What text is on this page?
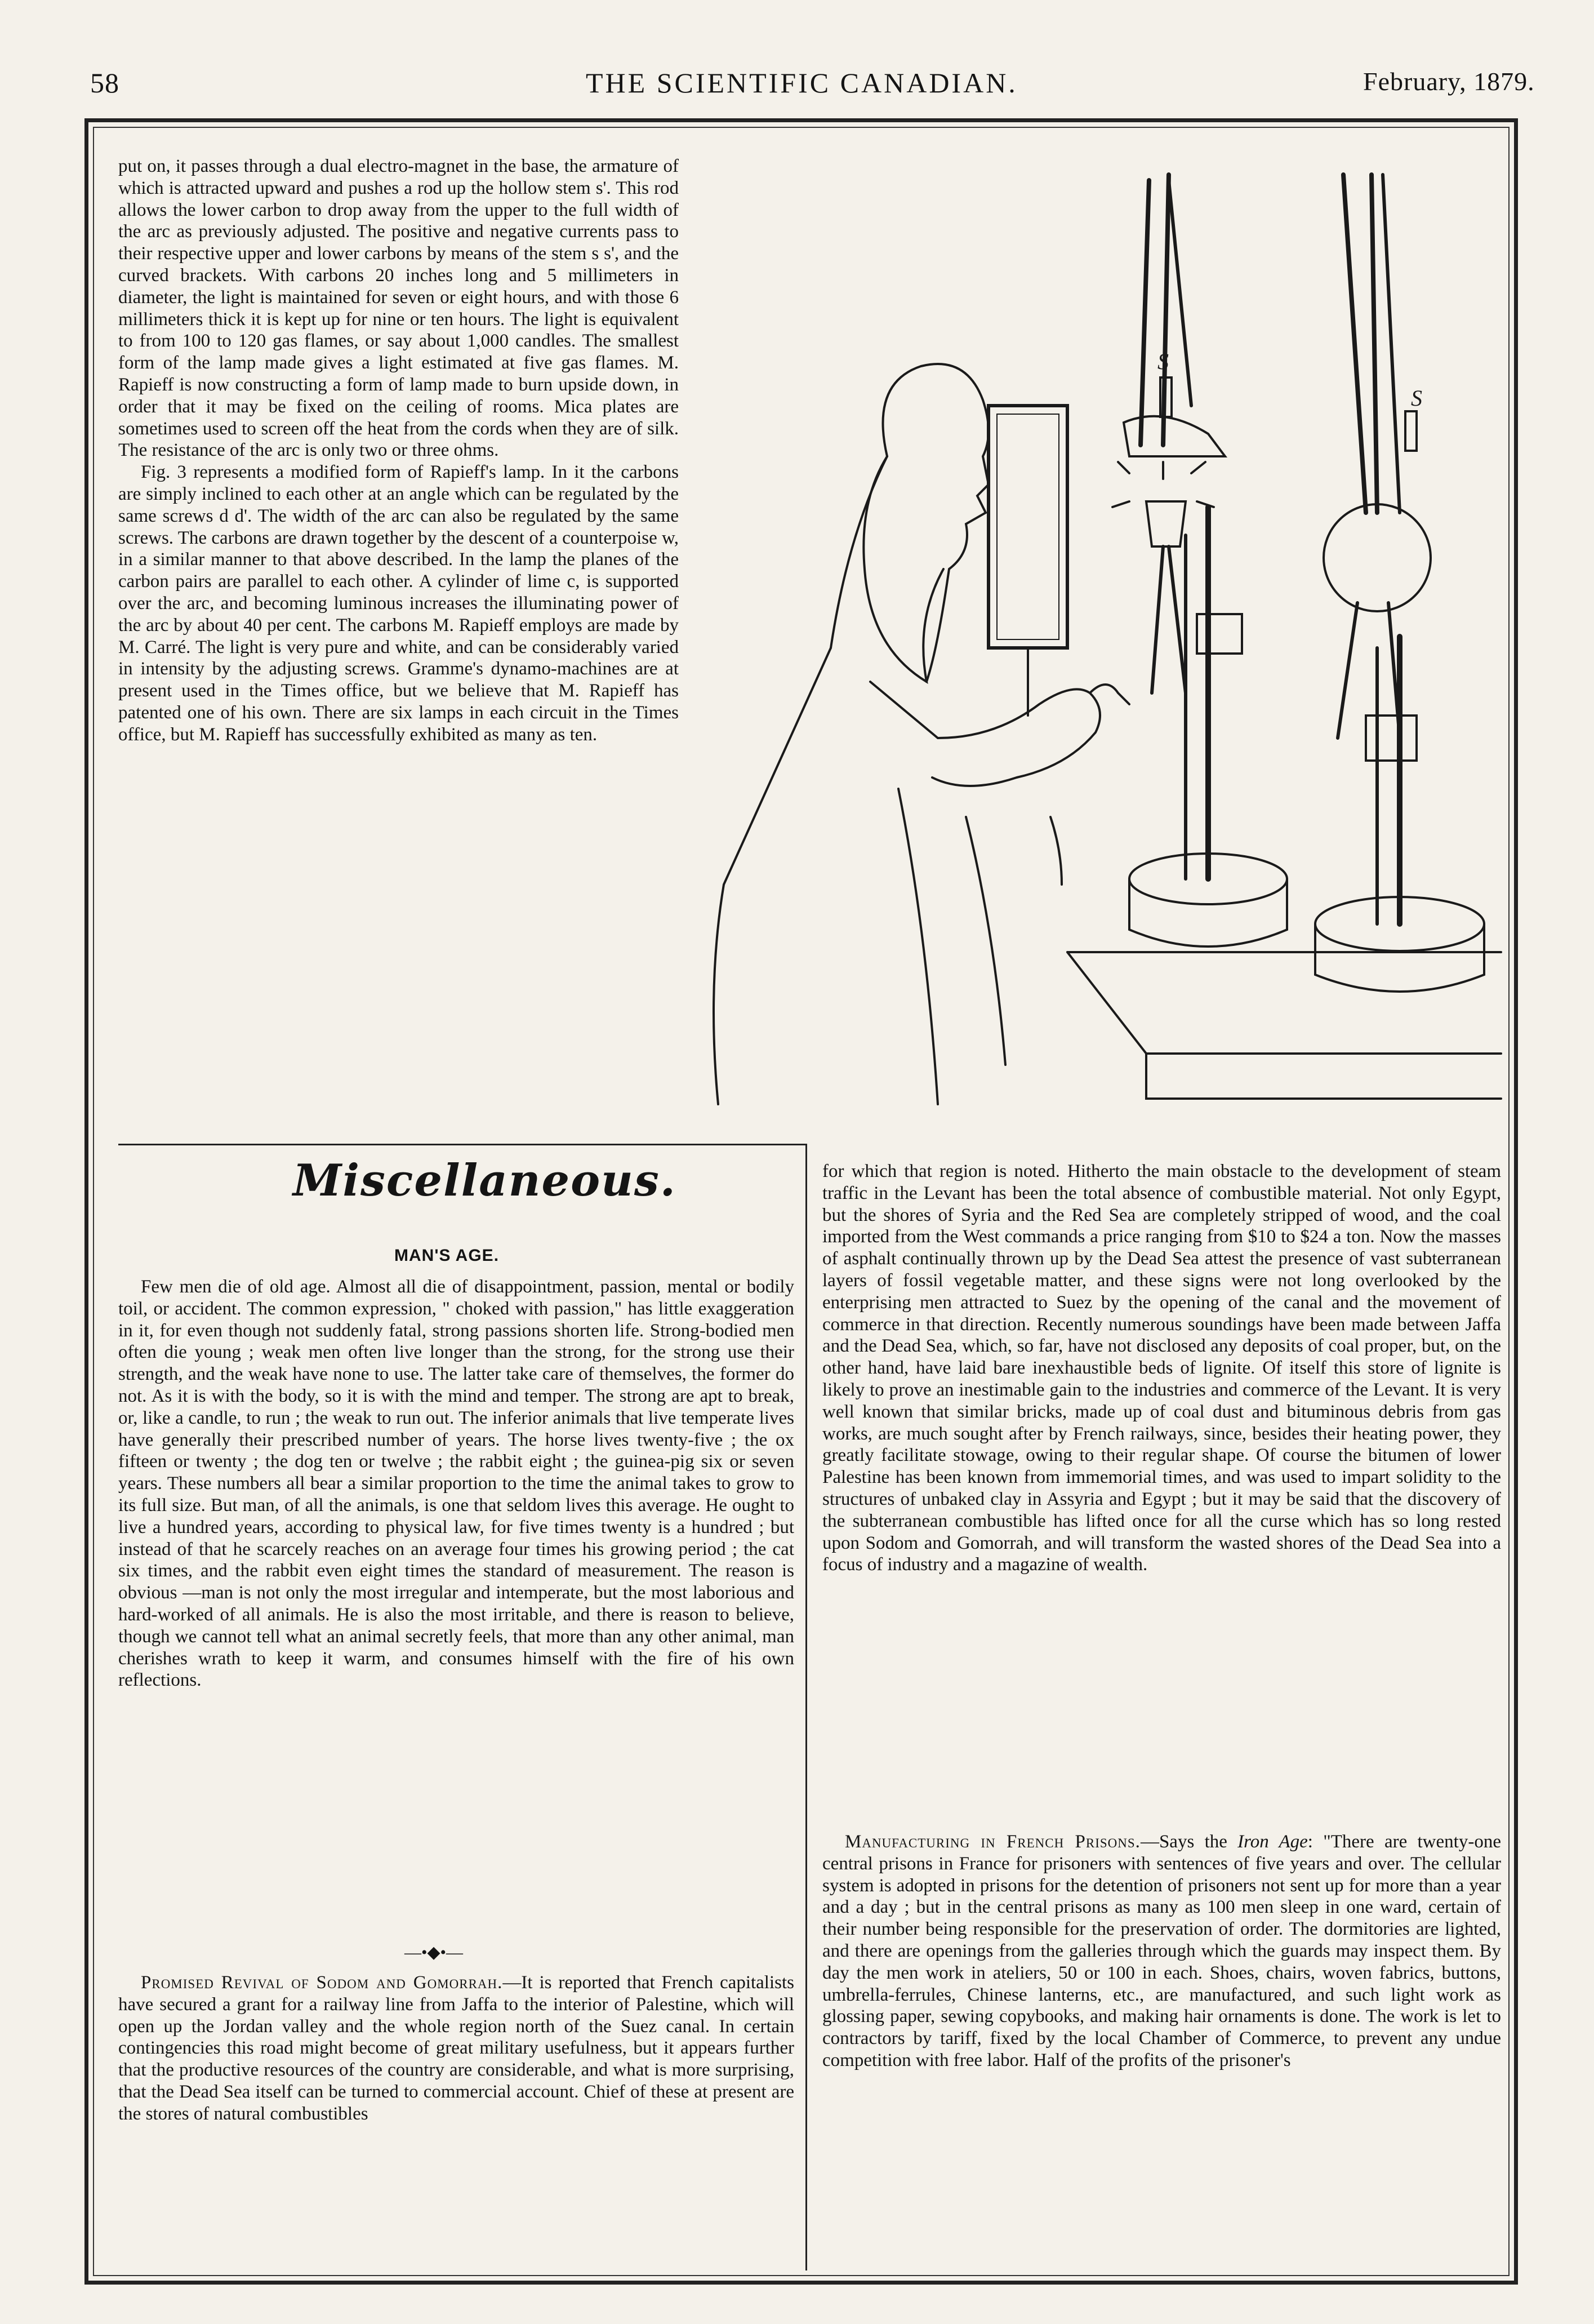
58	THE SCIENTIFIC CANADIAN.	February, 1879.

put on, it passes through a dual electro-magnet in the base, the armature of which is attracted upward and pushes a rod up the hollow stem s'. This rod allows the lower carbon to drop away from the upper to the full width of the arc as previously adjusted. The positive and negative currents pass to their respective upper and lower carbons by means of the stem s s', and the curved brackets. With carbons 20 inches long and 5 millimeters in diameter, the light is maintained for seven or eight hours, and with those 6 millimeters thick it is kept up for nine or ten hours. The light is equivalent to from 100 to 120 gas flames, or say about 1,000 candles. The smallest form of the lamp made gives a light estimated at five gas flames. M. Rapieff is now constructing a form of lamp made to burn upside down, in order that it may be fixed on the ceiling of rooms. Mica plates are sometimes used to screen off the heat from the cords when they are of silk. The resistance of the arc is only two or three ohms.

Fig. 3 represents a modified form of Rapieff's lamp. In it the carbons are simply inclined to each other at an angle which can be regulated by the same screws d d'. The width of the arc can also be regulated by the same screws. The carbons are drawn together by the descent of a counterpoise w, in a similar manner to that above described. In the lamp the planes of the carbon pairs are parallel to each other. A cylinder of lime c, is supported over the arc, and becoming luminous increases the illuminating power of the arc by about 40 per cent. The carbons M. Rapieff employs are made by M. Carré. The light is very pure and white, and can be considerably varied in intensity by the adjusting screws. Gramme's dynamo-machines are at present used in the Times office, but we believe that M. Rapieff has patented one of his own. There are six lamps in each circuit in the Times office, but M. Rapieff has successfully exhibited as many as ten.

S
S
Miscellaneous.
MAN'S AGE.

Few men die of old age. Almost all die of disappointment, passion, mental or bodily toil, or accident. The common expression, " choked with passion," has little exaggeration in it, for even though not suddenly fatal, strong passions shorten life. Strong-bodied men often die young ; weak men often live longer than the strong, for the strong use their strength, and the weak have none to use. The latter take care of themselves, the former do not. As it is with the body, so it is with the mind and temper. The strong are apt to break, or, like a candle, to run ; the weak to run out. The inferior animals that live temperate lives have generally their prescribed number of years. The horse lives twenty-five ; the ox fifteen or twenty ; the dog ten or twelve ; the rabbit eight ; the guinea-pig six or seven years. These numbers all bear a similar proportion to the time the animal takes to grow to its full size. But man, of all the animals, is one that seldom lives this average. He ought to live a hundred years, according to physical law, for five times twenty is a hundred ; but instead of that he scarcely reaches on an average four times his growing period ; the cat six times, and the rabbit even eight times the standard of measurement. The reason is obvious —man is not only the most irregular and intemperate, but the most laborious and hard-worked of all animals. He is also the most irritable, and there is reason to believe, though we cannot tell what an animal secretly feels, that more than any other animal, man cherishes wrath to keep it warm, and consumes himself with the fire of his own reflections.

—•◆•—

Promised Revival of Sodom and Gomorrah.—It is reported that French capitalists have secured a grant for a railway line from Jaffa to the interior of Palestine, which will open up the Jordan valley and the whole region north of the Suez canal. In certain contingencies this road might become of great military usefulness, but it appears further that the productive resources of the country are considerable, and what is more surprising, that the Dead Sea itself can be turned to commercial account. Chief of these at present are the stores of natural combustibles

for which that region is noted. Hitherto the main obstacle to the development of steam traffic in the Levant has been the total absence of combustible material. Not only Egypt, but the shores of Syria and the Red Sea are completely stripped of wood, and the coal imported from the West commands a price ranging from $10 to $24 a ton. Now the masses of asphalt continually thrown up by the Dead Sea attest the presence of vast subterranean layers of fossil vegetable matter, and these signs were not long overlooked by the enterprising men attracted to Suez by the opening of the canal and the movement of commerce in that direction. Recently numerous soundings have been made between Jaffa and the Dead Sea, which, so far, have not disclosed any deposits of coal proper, but, on the other hand, have laid bare inexhaustible beds of lignite. Of itself this store of lignite is likely to prove an inestimable gain to the industries and commerce of the Levant. It is very well known that similar bricks, made up of coal dust and bituminous debris from gas works, are much sought after by French railways, since, besides their heating power, they greatly facilitate stowage, owing to their regular shape. Of course the bitumen of lower Palestine has been known from immemorial times, and was used to impart solidity to the structures of unbaked clay in Assyria and Egypt ; but it may be said that the discovery of the subterranean combustible has lifted once for all the curse which has so long rested upon Sodom and Gomorrah, and will transform the wasted shores of the Dead Sea into a focus of industry and a magazine of wealth.

Manufacturing in French Prisons.—Says the Iron Age: "There are twenty-one central prisons in France for prisoners with sentences of five years and over. The cellular system is adopted in prisons for the detention of prisoners not sent up for more than a year and a day ; but in the central prisons as many as 100 men sleep in one ward, certain of their number being responsible for the preservation of order. The dormitories are lighted, and there are openings from the galleries through which the guards may inspect them. By day the men work in ateliers, 50 or 100 in each. Shoes, chairs, woven fabrics, buttons, umbrella-ferrules, Chinese lanterns, etc., are manufactured, and such light work as glossing paper, sewing copybooks, and making hair ornaments is done. The work is let to contractors by tariff, fixed by the local Chamber of Commerce, to prevent any undue competition with free labor. Half of the profits of the prisoner's
